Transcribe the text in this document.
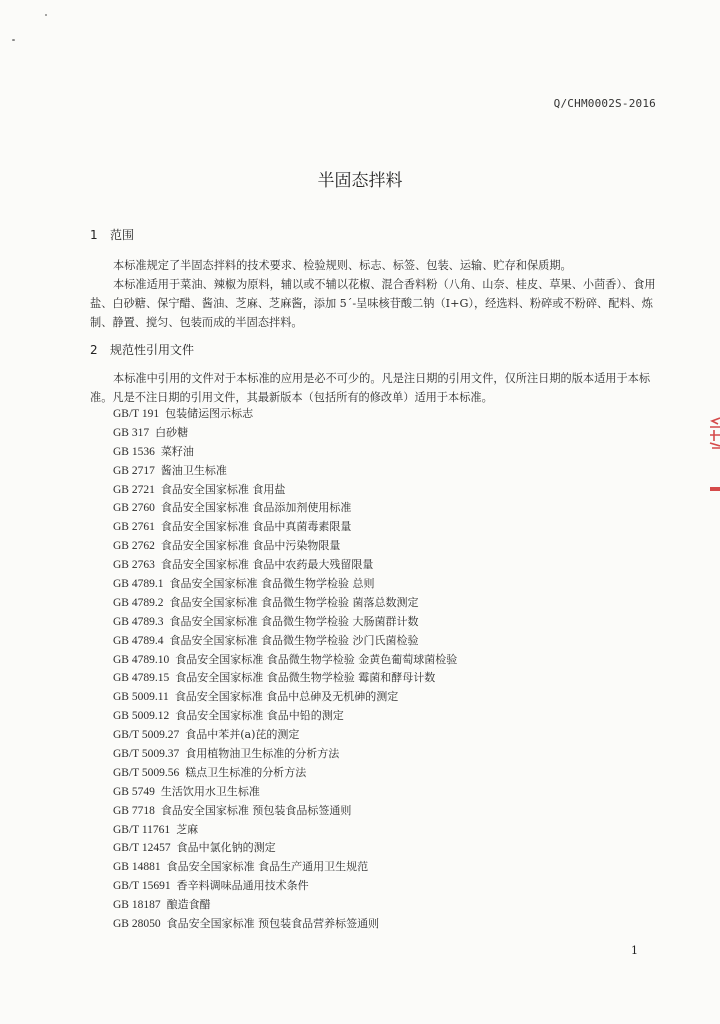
Q/CHM0002S-2016
半固态拌料
1 范围
本标准规定了半固态拌料的技术要求、检验规则、标志、标签、包装、运输、贮存和保质期。
本标准适用于菜油、辣椒为原料，辅以或不辅以花椒、混合香料粉（八角、山奈、桂皮、草果、小茴香）、食用盐、白砂糖、保宁醋、酱油、芝麻、芝麻酱，添加 5´-呈味核苷酸二钠（I+G），经选料、粉碎或不粉碎、配料、炼制、静置、搅匀、包装而成的半固态拌料。
2 规范性引用文件
本标准中引用的文件对于本标准的应用是必不可少的。凡是注日期的引用文件，仅所注日期的版本适用于本标准。凡是不注日期的引用文件，其最新版本（包括所有的修改单）适用于本标准。
GB/T 191 包装储运图示标志
GB 317 白砂糖
GB 1536 菜籽油
GB 2717 酱油卫生标准
GB 2721 食品安全国家标准 食用盐
GB 2760 食品安全国家标准 食品添加剂使用标准
GB 2761 食品安全国家标准 食品中真菌毒素限量
GB 2762 食品安全国家标准 食品中污染物限量
GB 2763 食品安全国家标准 食品中农药最大残留限量
GB 4789.1 食品安全国家标准 食品微生物学检验 总则
GB 4789.2 食品安全国家标准 食品微生物学检验 菌落总数测定
GB 4789.3 食品安全国家标准 食品微生物学检验 大肠菌群计数
GB 4789.4 食品安全国家标准 食品微生物学检验 沙门氏菌检验
GB 4789.10 食品安全国家标准 食品微生物学检验 金黄色葡萄球菌检验
GB 4789.15 食品安全国家标准 食品微生物学检验 霉菌和酵母计数
GB 5009.11 食品安全国家标准 食品中总砷及无机砷的测定
GB 5009.12 食品安全国家标准 食品中铅的测定
GB/T 5009.27 食品中苯并(a)芘的测定
GB/T 5009.37 食用植物油卫生标准的分析方法
GB/T 5009.56 糕点卫生标准的分析方法
GB 5749 生活饮用水卫生标准
GB 7718 食品安全国家标准 预包装食品标签通则
GB/T 11761 芝麻
GB/T 12457 食品中氯化钠的测定
GB 14881 食品安全国家标准 食品生产通用卫生规范
GB/T 15691 香辛料调味品通用技术条件
GB 18187 酿造食醋
GB 28050 食品安全国家标准 预包装食品营养标签通则
1
